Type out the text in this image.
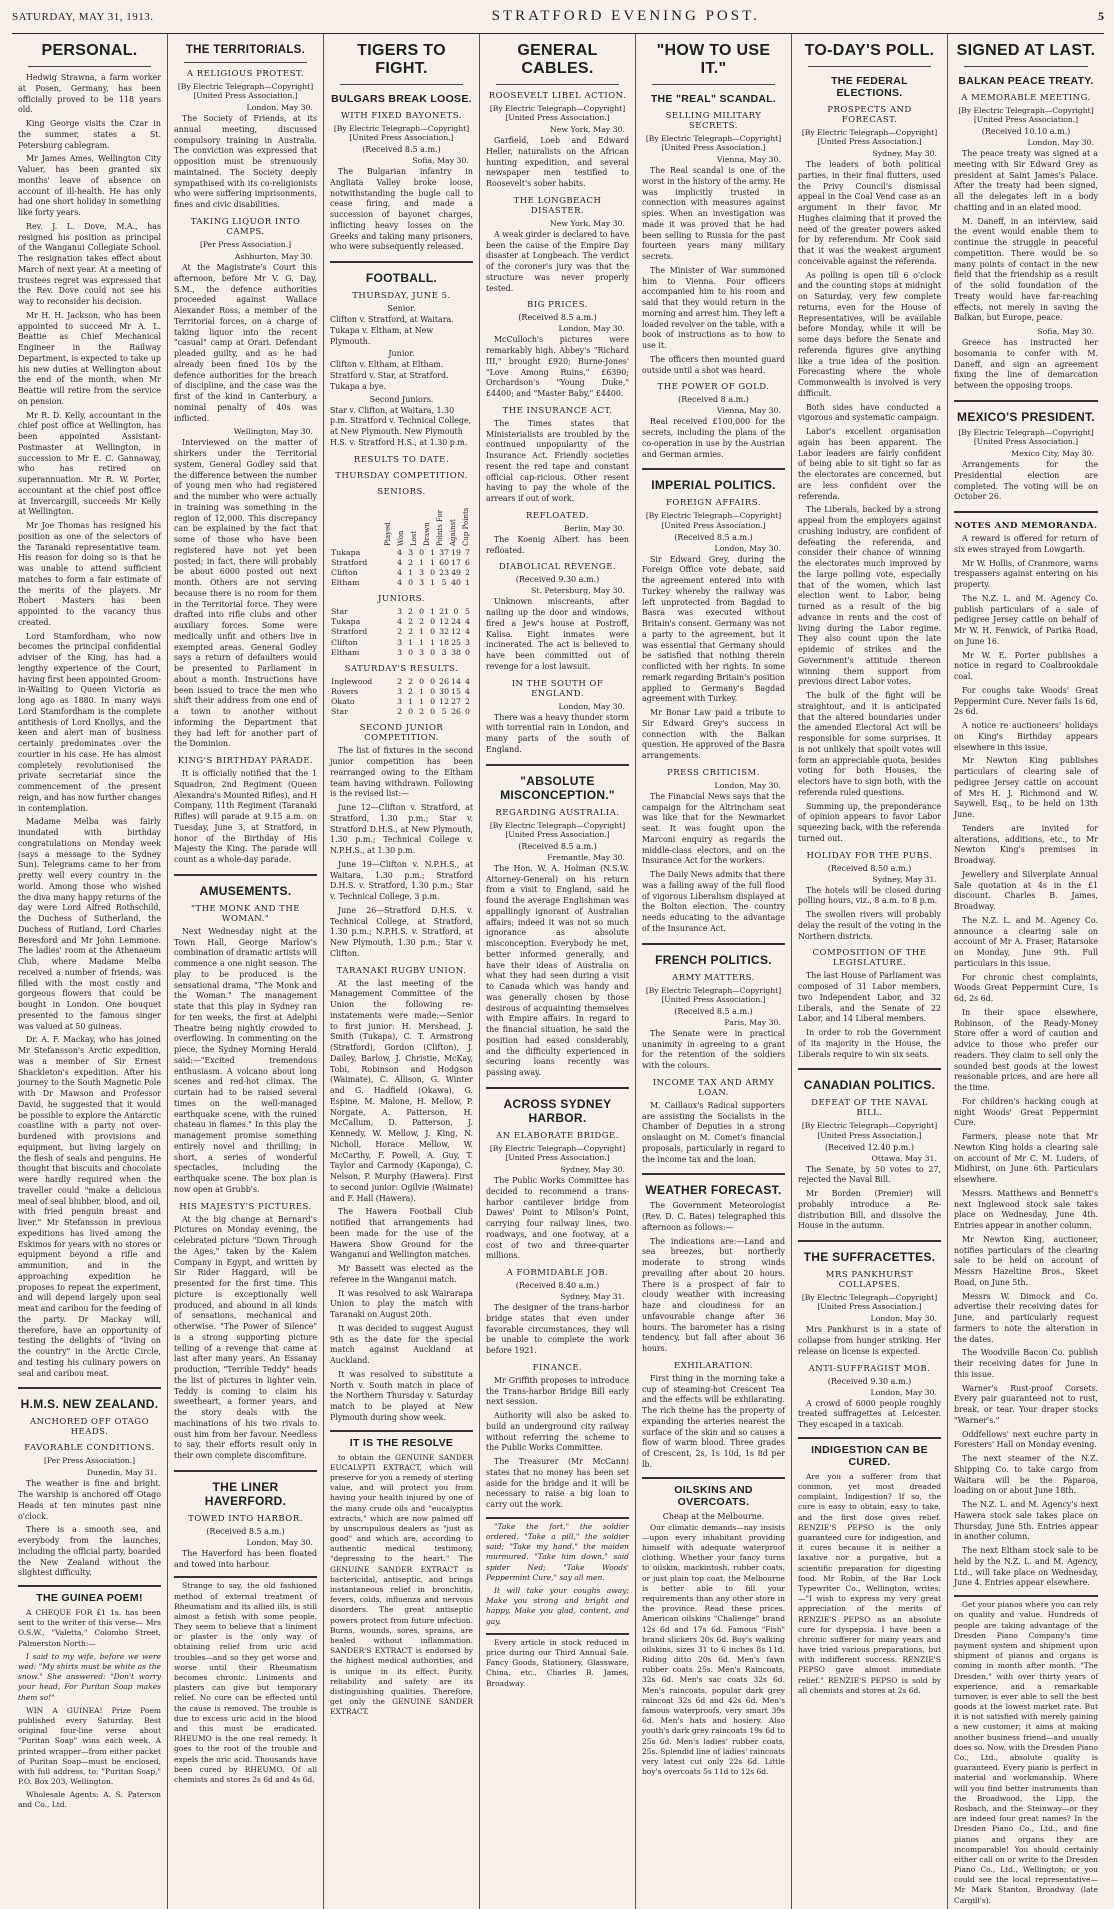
SATURDAY, MAY 31, 1913.	STRATFORD EVENING POST.	5
PERSONAL.

Hedwig Strawna, a farm worker at Posen, Germany, has been officially proved to be 118 years old.

King George visits the Czar in the summer, states a St. Petersburg cablegram.

Mr James Ames, Wellington City Valuer, has been granted six months' leave of absence on account of ill-health. He has only had one short holiday in something like forty years.

Rev. J. L. Dove, M.A., has resigned his position as principal of the Wanganui Collegiate School. The resignation takes effect about March of next year. At a meeting of trustees regret was expressed that the Rev. Dove could not see his way to reconsider his decision.

Mr H. H. Jackson, who has been appointed to succeed Mr A. L. Beattie as Chief Mechanical Engineer in the Railway Department, is expected to take up his new duties at Wellington about the end of the month, when Mr Beattie will retire from the service on pension.

Mr R. D. Kelly, accountant in the chief post office at Wellington, has been appointed Assistant-Postmaster at Wellington, in succession to Mr E. C. Gannaway, who has retired on superannuation. Mr R. W. Porter, accountant at the chief post office at Invercargill, succeeds Mr Kelly at Wellington.

Mr Joe Thomas has resigned his position as one of the selectors of the Taranaki representative team. His reason for doing so is that he was unable to attend sufficient matches to form a fair estimate of the merits of the players. Mr Robert Masters has been appointed to the vacancy thus created.

Lord Stamfordham, who now becomes the principal confidential adviser of the King, has had a lengthy experience of the Court, having first been appointed Groom-in-Waiting to Queen Victoria as long ago as 1880. In many ways Lord Stamfordham is the complete antithesis of Lord Knollys, and the keen and alert man of business certainly predominates over the courtier in his case. He has almost completely revolutionised the private secretariat since the commencement of the present reign, and has now further changes in contemplation.

Madame Melba was fairly inundated with birthday congratulations on Monday week (says a message to the Sydney Sun). Telegrams came to her from pretty well every country in the world. Among those who wished the diva many happy returns of the day were Lord Alfred Rothschild, the Duchess of Sutherland, the Duchess of Rutland, Lord Charles Beresford and Mr John Lemmone. The ladies' room at the Athenaeum Club, where Madame Melba received a number of friends, was filled with the most costly and gorgeous flowers that could be bought in London. One bouquet presented to the famous singer was valued at 50 guineas.

Dr. A. F. Mackay, who has joined Mr Stefansson's Arctic expedition, was a member of Sir Ernest Shackleton's expedition. After his journey to the South Magnetic Pole with Dr Mawson and Professor David, he suggested that it would be possible to explore the Antarctic coastline with a party not over-burdened with provisions and equipment, but living largely on the flesh of seals and penguins. He thought that biscuits and chocolate were hardly required when the traveller could "make a delicious meal of seal blubber, blood, and oil, with fried penguin breast and liver." Mr Stefansson in previous expeditions has lived among the Eskimos for years with no stores or equipment beyond a rifle and ammunition, and in the approaching expedition he proposes to repeat the experiment, and will depend largely upon seal meat and caribou for the feeding of the party. Dr Mackay will, therefore, have an opportunity of testing the delights of "living on the country" in the Arctic Circle, and testing his culinary powers on seal and caribou meat.

H.M.S. NEW ZEALAND.
ANCHORED OFF OTAGO HEADS.
FAVORABLE CONDITIONS.
[Per Press Association.]
Dunedin, May 31.

The weather is fine and bright. The warship is anchored off Otago Heads at ten minutes past nine o'clock.

There is a smooth sea, and everybody from the launches, including the official party, boarded the New Zealand without the slightest difficulty.

THE GUINEA POEM!

A CHEQUE FOR £1 1s. has been sent to the writer of this verse— Mrs O.S.W., "Valetta," Colombo Street, Palmerston North:—

I said to my wife, before we were wed: "My shirts must be white as the snow." She answered: "Don't worry your head, For Puritan Soap makes them so!"

WIN A GUINEA! Prize Poem published every Saturday. Best original four-line verse about "Puritan Soap" wins each week. A printed wrapper—from either packet of Puritan Soap—must be enclosed, with full address, to: "Puritan Soap," P.O. Box 203, Wellington.

Wholesale Agents: A. S. Paterson and Co., Ltd.

THE TERRITORIALS.
A RELIGIOUS PROTEST.
[By Electric Telegraph—Copyright] [United Press Association.]
London, May 30.

The Society of Friends, at its annual meeting, discussed compulsory training in Australia. The conviction was expressed that opposition must be strenuously maintained. The Society deeply sympathised with its co-religionists who were suffering imprisonments, fines and civic disabilities.

TAKING LIQUOR INTO CAMPS.
[Per Press Association.]
Ashburton, May 30.

At the Magistrate's Court this afternoon, before Mr V. G. Day, S.M., the defence authorities proceeded against Wallace Alexander Ross, a member of the Territorial forces, on a charge of taking liquor into the recent "casual" camp at Orari. Defendant pleaded guilty, and as he had already been fined 10s by the defence authorities for the breach of discipline, and the case was the first of the kind in Canterbury, a nominal penalty of 40s was inflicted.

Wellington, May 30.

Interviewed on the matter of shirkers under the Territorial system, General Godley said that the difference between the number of young men who had registered and the number who were actually in training was something in the region of 12,000. This discrepancy can be explained by the fact that some of those who have been registered have not yet been posted; in fact, there will probably be about 6000 posted out next month. Others are not serving because there is no room for them in the Territorial force. They were drafted into rifle clubs and other auxiliary forces. Some were medically unfit and others live in exempted areas. General Godley says a return of defaulters would be presented to Parliament in about a month. Instructions have been issued to trace the men who shift their address from one end of a town to another without informing the Department that they had left for another part of the Dominion.

KING'S BIRTHDAY PARADE.

It is officially notified that the 1 Squadron, 2nd Regiment (Queen Alexandra's Mounted Rifles), and H Company, 11th Regiment (Taranaki Rifles) will parade at 9.15 a.m. on Tuesday, June 3, at Stratford, in honor of the Birthday of His Majesty the King. The parade will count as a whole-day parade.

AMUSEMENTS.
"THE MONK AND THE WOMAN."

Next Wednesday night at the Town Hall, George Marlow's combination of dramatic artists will commence a one night season. The play to be produced is the sensational drama, "The Monk and the Woman." The management state that this play in Sydney ran for ten weeks, the first at Adelphi Theatre being nightly crowded to overflowing. In commenting on the piece, the Sydney Morning Herald said:—"Excited tremendous enthusiasm. A volcano about long scenes and red-hot climax. The curtain had to be raised several times on the well-managed earthquake scene, with the ruined chateau in flames." In this play the management promise something entirely novel and thrilling; in short, a series of wonderful spectacles, including the earthquake scene. The box plan is now open at Grubb's.

HIS MAJESTY'S PICTURES.

At the big change at Bernard's Pictures on Monday evening, the celebrated picture "Down Through the Ages," taken by the Kalem Company in Egypt, and written by Sir Rider Haggard, will be presented for the first time. This picture is exceptionally well produced, and abound in all kinds of sensations, mechanical and otherwise. "The Power of Silence" is a strong supporting picture telling of a revenge that came at last after many years. An Essanay production, "Terrible Teddy" heads the list of pictures in lighter vein. Teddy is coming to claim his sweetheart, a former years, and the story deals with the machinations of his two rivals to oust him from her favour. Needless to say, their efforts result only in their own complete discomfiture.

THE LINER HAVERFORD.
TOWED INTO HARBOR.
(Received 8.5 a.m.)
London, May 30.

The Haverford has been floated and towed into harbour.

Strange to say, the old fashioned method of external treatment of Rheumatism and its allied ills, is still almost a fetish with some people. They seem to believe that a liniment or plaster is the only way of obtaining relief from uric acid troubles—and so they get worse and worse until their Rheumatism becomes chronic. Liniments and plasters can give but temporary relief. No cure can be effected until the cause is removed. The trouble is due to excess uric acid in the blood and this must be eradicated. RHEUMO is the one real remedy. It goes to the root of the trouble and expels the uric acid. Thousands have been cured by RHEUMO. Of all chemists and stores 2s 6d and 4s 6d.

TIGERS TO FIGHT.
BULGARS BREAK LOOSE.
WITH FIXED BAYONETS.
[By Electric Telegraph—Copyright] [United Press Association.]
(Received 8.5 a.m.)
Sofia, May 30.

The Bulgarian infantry in Angliata Valley broke loose, notwithstanding the bugle call to cease firing, and made a succession of bayonet charges, inflicting heavy losses on the Greeks and taking many prisoners, who were subsequently released.

FOOTBALL.
THURSDAY, JUNE 5.
Senior.
Clifton v. Stratford, at Waitara. Tukapa v. Eltham, at New Plymouth.
Junior.
Clifton v. Eltham, at Eltham. Stratford v. Star, at Stratford. Tukapa a bye.
Second Juniors.
Star v. Clifton, at Waitara, 1.30 p.m. Stratford v. Technical College, at New Plymouth. New Plymouth H.S. v. Stratford H.S., at 1.30 p.m.
RESULTS TO DATE.
THURSDAY COMPETITION.
SENIORS.
Played Won Lost Drawn Points For Against Cup Points
Tukapa	4	3	0	1	37	19	7
Stratford	4	2	1	1	60	17	6
Clifton	4	1	3	0	23	49	2
Eltham	4	0	3	1	5	40	1
JUNIORS.
Star	3	2	0	1	21	0	5
Tukapa	4	2	2	0	12	24	4
Stratford	2	2	1	0	32	12	4
Clifton	3	1	1	1	18	25	3
Eltham	3	0	3	0	3	38	0
SATURDAY'S RESULTS.
Inglewood	2	2	0	0	26	14	4
Rovers	3	2	1	0	30	15	4
Okato	3	1	1	0	12	27	2
Star	2	0	2	0	5	26	0
SECOND JUNIOR COMPETITION.

The list of fixtures in the second junior competition has been rearranged owing to the Eltham team having withdrawn. Following is the revised list:—

June 12—Clifton v. Stratford, at Stratford, 1.30 p.m.; Star v. Stratford D.H.S., at New Plymouth, 1.30 p.m.; Technical College v. N.P.H.S., at 1.30 p.m.

June 19—Clifton v. N.P.H.S., at Waitara, 1.30 p.m.; Stratford D.H.S. v. Stratford, 1.30 p.m.; Star v. Technical College, 3 p.m.

June 26—Stratford D.H.S. v. Technical College, at Stratford, 1.30 p.m.; N.P.H.S. v. Stratford, at New Plymouth, 1.30 p.m.; Star v. Clifton.

TARANAKI RUGBY UNION.

At the last meeting of the Management Committee of the Union the following re-instatements were made:—Senior to first junior: H. Mershead, J. Smith (Tukapa), C. T. Armstrong (Stratford), Gordon (Clifton), J. Dailey, Barlow, J. Christie, McKay, Tobi, Robinson and Hodgson (Waimate), C. Allison, G. Winter and G. Hadfield (Okawa), G. Espine, M. Malone, H. Mellow, P. Norgate, A. Patterson, H. McCallum, D. Patterson, J. Kennedy, W. Mellow, J. King, N. Nicholl, Horace Mellow, W. McCarthy, F. Powell, A. Guy, T. Taylor and Carmody (Kaponga), C. Nelson, P. Murphy (Hawera). First to second junior: Ogilvie (Waimate) and F. Hall (Hawera).

The Hawera Football Club notified that arrangements had been made for the use of the Hawera Show Ground for the Wanganui and Wellington matches.

Mr Bassett was elected as the referee in the Wanganui match.

It was resolved to ask Wairarapa Union to play the match with Taranaki on August 20th.

It was decided to suggest August 9th as the date for the special match against Auckland at Auckland.

It was resolved to substitute a North v. South match in place of the Northern Thursday v. Saturday match to be played at New Plymouth during show week.

IT IS THE RESOLVE

to obtain the GENUINE SANDER EUCALYPTI EXTRACT, which will preserve for you a remedy of sterling value, and will protect you from having your health injured by one of the many crude oils and "eucalyptus extracts," which are now palmed off by unscrupulous dealers as "just as good" and which are, according to authentic medical testimony, "depressing to the heart." The GENUINE SANDER EXTRACT is bactericidal, antiseptic, and brings instantaneous relief in bronchitis, fevers, colds, influenza and nervous disorders. The great antiseptic powers protect from future infection. Burns, wounds, sores, sprains, are healed without inflammation. SANDER'S EXTRACT is endorsed by the highest medical authorities, and is unique in its effect. Purity, reliability and safety are its distinguishing qualities. Therefore, get only the GENUINE SANDER EXTRACT.

GENERAL CABLES.
ROOSEVELT LIBEL ACTION.
[By Electric Telegraph—Copyright] [United Press Association.]
New York, May 30.

Garfield, Loeb and Edward Heller, naturalists on the African hunting expedition, and several newspaper men testified to Roosevelt's sober habits.

THE LONGBEACH DISASTER.
New York, May 30.

A weak girder is declared to have been the cause of the Empire Day disaster at Longbeach. The verdict of the coroner's jury was that the structure was never properly tested.

BIG PRICES.
(Received 8.5 a.m.)
London, May 30.

McCulloch's pictures were remarkably high. Abbey's "Richard III," brought £920; Burne-Jones' "Love Among Ruins," £6390; Orchardson's "Young Duke," £4400; and "Master Baby," £4400.

THE INSURANCE ACT.

The Times states that Ministerialists are troubled by the continued unpopularity of the Insurance Act. Friendly societies resent the red tape and constant official cap-ricious. Other resent having to pay the whole of the arrears if out of work.

REFLOATED.
Berlin, May 30.

The Koenig Albert has been refloated.

DIABOLICAL REVENGE.
(Received 9.30 a.m.)
St. Petersburg, May 30.

Unknown miscreants, after nailing up the door and windows, fired a Jew's house at Postroff, Kalisa. Eight inmates were incinerated. The act is believed to have been committed out of revenge for a lost lawsuit.

IN THE SOUTH OF ENGLAND.
London, May 30.

There was a heavy thunder storm with torrential rain in London, and many parts of the south of England.

"ABSOLUTE MISCONCEPTION."
REGARDING AUSTRALIA.
[By Electric Telegraph—Copyright] [United Press Association.]
(Received 8.5 a.m.)
Fremantle, May 30.

The Hon. W. A. Holman (N.S.W. Attorney-General) on his return from a visit to England, said he found the average Englishman was appallingly ignorant of Australian affairs; indeed it was not so much ignorance as absolute misconception. Everybody he met, better informed generally, and have their ideas of Australia on what they had seen during a visit to Canada which was handy and was generally chosen by those desirous of acquainting themselves with Empire affairs. In regard to the financial situation, he said the position had eased considerably, and the difficulty experienced in securing loans recently was passing away.

ACROSS SYDNEY HARBOR.
AN ELABORATE BRIDGE.
[By Electric Telegraph—Copyright] [United Press Association.]
Sydney, May 30.

The Public Works Committee has decided to recommend a trans-harbor cantilever bridge from Dawes' Point to Milson's Point, carrying four railway lines, two roadways, and one footway, at a cost of two and three-quarter millions.

A FORMIDABLE JOB.
(Received 8.40 a.m.)
Sydney, May 31.

The designer of the trans-harbor bridge states that even under favorable circumstances, they will be unable to complete the work before 1921.

FINANCE.

Mr Griffith proposes to introduce the Trans-harbor Bridge Bill early next session.

Authority will also be asked to build an underground city railway without referring the scheme to the Public Works Committee.

The Treasurer (Mr McCann) states that no money has been set aside for the bridge and it will be necessary to raise a big loan to carry out the work.

"Take the fort," the soldier ordered. "Take a pill," the soldier said; "Take my hand," the maiden murmured. "Take him down," said spider Ned; "Take Woods' Peppermint Cure," say all men.

It will take your coughs away; Make you strong and bright and happy, Make you glad, content, and gay.

Every article in stock reduced in price during our Third Annual Sale. Fancy Goods, Stationery, Glassware, China, etc., Charles B. James, Broadway.

"HOW TO USE IT."
THE "REAL" SCANDAL.
SELLING MILITARY SECRETS.
[By Electric Telegraph—Copyright] [United Press Association.]
Vienna, May 30.

The Real scandal is one of the worst in the history of the army. He was implicitly trusted in connection with measures against spies. When an investigation was made it was proved that he had been selling to Russia for the past fourteen years many military secrets.

The Minister of War summoned him to Vienna. Four officers accompanied him to his room and said that they would return in the morning and arrest him. They left a loaded revolver on the table, with a book of instructions as to how to use it.

The officers then mounted guard outside until a shot was heard.

THE POWER OF GOLD.
(Received 8 a.m.)
Vienna, May 30.

Real received £100,000 for the secrets, including the plans of the co-operation in use by the Austrian and German armies.

IMPERIAL POLITICS.
FOREIGN AFFAIRS.
[By Electric Telegraph—Copyright] [United Press Association.]
(Received 8.5 a.m.)
London, May 30.

Sir Edward Grey, during the Foreign Office vote debate, said the agreement entered into with Turkey whereby the railway was left unprotected from Bagdad to Basra was executed without Britain's consent. Germany was not a party to the agreement, but it was essential that Germany should be satisfied that nothing therein conflicted with her rights. In some remark regarding Britain's position applied to Germany's Bagdad agreement with Turkey.

Mr Bonar Law paid a tribute to Sir Edward Grey's success in connection with the Balkan question. He approved of the Basra arrangements.

PRESS CRITICISM.
London, May 30.

The Financial News says that the campaign for the Altrincham seat was like that for the Newmarket seat. It was fought upon the Marconi enquiry as regards the middle-class electors, and on the Insurance Act for the workers.

The Daily News admits that there was a falling away of the full flood of vigorous Liberalism displayed at the Bolton election. The country needs educating to the advantage of the Insurance Act.

FRENCH POLITICS.
ARMY MATTERS.
[By Electric Telegraph—Copyright] [United Press Association.]
(Received 8.5 a.m.)
Paris, May 30.

The Senate were in practical unanimity in agreeing to a grant for the retention of the soldiers with the colours.

INCOME TAX AND ARMY LOAN.

M. Caillaux's Radical supporters are assisting the Socialists in the Chamber of Deputies in a strong onslaught on M. Comet's financial proposals, particularly in regard to the income tax and the loan.

WEATHER FORECAST.

The Government Meteorologist (Rev. D. C. Bates) telegraphed this afternoon as follows:—

The indications are:—Land and sea breezes, but northerly moderate to strong winds prevailing after about 20 hours. There is a prospect of fair to cloudy weather with increasing haze and cloudiness for an unfavourable change after 36 hours. The barometer has a rising tendency, but fall after about 36 hours.

EXHILARATION.

First thing in the morning take a cup of steaming-hot Crescent Tea and the effects will be exhilarating. The rich theine has the property of expanding the arteries nearest the surface of the skin and so causes a flow of warm blood. Three grades of Crescent, 2s, 1s 10d, 1s 8d per lb.

OILSKINS AND OVERCOATS.
Cheap at the Melbourne.

Our climatic demands—nay insists—upon every inhabitant providing himself with adequate waterproof clothing. Whether your fancy turns to oilskin, mackintosh, rubber coats, or just plain top coat, the Melbourne is better able to fill your requirements than any other store in the province. Read these prices. American oilskins "Challenge" brand 12s 6d and 17s 6d. Famous "Fish" brand slickers 20s 6d. Boy's walking oilskins, sizes 31 to 6 inches 8s 11d. Riding ditto 20s 6d. Men's fawn rubber coats 25s. Men's Raincoats, 32s 6d. Men's sac coats 32s 6d. Men's raincoats, popular dark grey raincoat 32s 6d and 42s 6d. Men's famous waterproofs, very smart 39s 6d. Men's hats and hosiery. Also youth's dark grey raincoats 19s 6d to 25s 6d. Men's ladies' rubber coats, 25s. Splendid line of ladies' raincoats very latest cut only 22s 6d. Little boy's overcoats 5s 11d to 12s 6d.

TO-DAY'S POLL.
THE FEDERAL ELECTIONS.
PROSPECTS AND FORECAST.
[By Electric Telegraph—Copyright] [United Press Association.]
Sydney, May 30.

The leaders of both political parties, in their final flutters, used the Privy Council's dismissal appeal in the Coal Vend case as an argument in their favor, Mr Hughes claiming that it proved the need of the greater powers asked for by referendum. Mr Cook said that it was the weakest argument conceivable against the referenda.

As polling is open till 6 o'clock and the counting stops at midnight on Saturday, very few complete returns, even for the House of Representatives, will be available before Monday, while it will be some days before the Senate and referenda figures give anything like a true idea of the position. Forecasting where the whole Commonwealth is involved is very difficult.

Both sides have conducted a vigorous and systematic campaign.

Labor's excellent organisation again has been apparent. The Labor leaders are fairly confident of being able to sit tight so far as the electorates are concerned, but are less confident over the referenda.

The Liberals, backed by a strong appeal from the employers against crushing industry, are confident of defeating the referenda, and consider their chance of winning the electorates much improved by the large polling vote, especially that of the women, which last election went to Labor, being turned as a result of the big advance in rents and the cost of living during the Labor regime. They also count upon the late epidemic of strikes and the Government's attitude thereon winning them support from previous direct Labor votes.

The bulk of the fight will be straightout, and it is anticipated that the altered boundaries under the amended Electoral Act will be responsible for some surprises. It is not unlikely that spoilt votes will form an appreciable quota, besides voting for both Houses, the electors have to sign both, with the referenda ruled questions.

Summing up, the preponderance of opinion appears to favor Labor squeezing back, with the referenda turned out.

HOLIDAY FOR THE PUBS.
(Received 8.50 a.m.)
Sydney, May 31.

The hotels will be closed during polling hours, viz., 8 a.m. to 8 p.m.

The swollen rivers will probably delay the result of the voting in the Northern districts.

COMPOSITION OF THE LEGISLATURE.

The last House of Parliament was composed of 31 Labor members, two Independent Labor, and 32 Liberals, and the Senate of 22 Labor, and 14 Liberal members.

In order to rob the Government of its majority in the House, the Liberals require to win six seats.

CANADIAN POLITICS.
DEFEAT OF THE NAVAL BILL.
[By Electric Telegraph—Copyright] [United Press Association.]
(Received 12.40 p.m.)
Ottawa, May 31.

The Senate, by 50 votes to 27, rejected the Naval Bill.

Mr Borden (Premier) will probably introduce a Re-distribution Bill, and dissolve the House in the autumn.

THE SUFFRACETTES.
MRS PANKHURST COLLAPSES.
[By Electric Telegraph—Copyright] [United Press Association.]
London, May 30.

Mrs Pankhurst is in a state of collapse from hunger striking. Her release on license is expected.

ANTI-SUFFRAGIST MOB.
(Received 9.30 a.m.)
London, May 30.

A crowd of 6000 people roughly treated suffragettes at Leicester. They escaped in a taxicab.

INDIGESTION CAN BE CURED.

Are you a sufferer from that common, yet most dreaded complaint, Indigestion? If so, the cure is easy to obtain, easy to take, and the first dose gives relief. RENZIE'S PEPSO is the only guaranteed cure for indigestion, and it cures because it is neither a laxative nor a purgative, but a scientific preparation for digesting food. Mr Robin, of the Bar Lock Typewriter Co., Wellington, writes:—"I wish to express my very great appreciation of the merits of RENZIE'S PEPSO as an absolute cure for dyspepsia. I have been a chronic sufferer for many years and have tried various preparations, but with indifferent success. RENZIE'S PEPSO gave almost immediate relief." RENZIE'S PEPSO is sold by all chemists and stores at 2s 6d.

SIGNED AT LAST.
BALKAN PEACE TREATY.
A MEMORABLE MEETING.
[By Electric Telegraph—Copyright] [United Press Association.]
(Received 10.10 a.m.)
London, May 30.

The peace treaty was signed at a meeting with Sir Edward Grey as president at Saint James's Palace. After the treaty had been signed, all the delegates left in a body chatting and in an elated mood.

M. Daneff, in an interview, said the event would enable them to continue the struggle in peaceful competition. There would be so many points of contact in the new field that the friendship as a result of the solid foundation of the Treaty would have far-reaching effects, not merely in saving the Balkan, but Europe, peace.

Sofia, May 30.

Greece has instructed her bosomania to confer with M. Daneff, and sign an agreement fixing the line of demarcation between the opposing troops.

MEXICO'S PRESIDENT.
[By Electric Telegraph—Copyright] [United Press Association.]
Mexico City, May 30.

Arrangements for the Presidential election are completed. The voting will be on October 26.

NOTES AND MEMORANDA.

A reward is offered for return of six ewes strayed from Lowgarth.

Mr W. Hollis, of Cranmore, warns trespassers against entering on his property.

The N.Z. L. and M. Agency Co. publish particulars of a sale of pedigree Jersey cattle on behalf of Mr W. H. Fenwick, of Parika Road, on June 16.

Mr W. E. Porter publishes a notice in regard to Coalbrookdale coal.

For coughs take Woods' Great Peppermint Cure. Never fails 1s 6d, 2s 6d.

A notice re auctioneers' holidays on King's Birthday appears elsewhere in this issue.

Mr Newton King publishes particulars of clearing sale of pedigree Jersey cattle on account of Mrs H. J. Richmond and W. Saywell, Esq., to be held on 13th June.

Tenders are invited for alterations, additions, etc., to Mr Newton King's premises in Broadway.

Jewellery and Silverplate Annual Sale quotation at 4s in the £1 discount. Charles B. James, Broadway.

The N.Z. L. and M. Agency Co. announce a clearing sale on account of Mr A. Fraser, Ratarsoke on Monday, June 9th. Full particulars in this issue.

For chronic chest complaints, Woods Great Peppermint Cure, 1s 6d, 2s 6d.

In their space elsewhere, Robinson, of the Ready-Money Store offer a word of caution and advice to those who prefer our readers. They claim to sell only the sounded best goods at the lowest reasonable prices, and are here all the time.

For children's hacking cough at night Woods' Great Peppermint Cure.

Farmers, please note that Mr Newton King holds a clearing sale on account of Mr C. M. Luders, of Midhirst, on June 6th. Particulars elsewhere.

Messrs. Matthews and Bennett's next Inglewood stock sale takes place on Wednesday, June 4th. Entries appear in another column.

Mr Newton King, auctioneer, notifies particulars of the clearing sale to be held on account of Messrs Hazeltine Bros., Skeet Road, on June 5th.

Messrs W. Dimock and Co. advertise their receiving dates for June, and particularly request farmers to note the alteration in the dates.

The Woodville Bacon Co. publish their receiving dates for June in this issue.

Warner's Rust-proof Corsets. Every pair guaranteed not to rust, break, or tear. Your draper stocks "Warner's."

Oddfellows' next euchre party in Foresters' Hall on Monday evening.

The next steamer of the N.Z. Shipping Co. to take cargo from Waitara will be the Paparoa, loading on or about June 18th.

The N.Z. L. and M. Agency's next Hawera stock sale takes place on Thursday, June 5th. Entries appear in another column.

The next Eltham stock sale to be held by the N.Z. L. and M. Agency, Ltd., will take place on Wednesday, June 4. Entries appear elsewhere.

Get your pianos where you can rely on quality and value. Hundreds of people are taking advantage of the Dresden Piano Company's time payment system and shipment upon shipment of pianos and organs is coming in month after month. "The Dresden," with over thirty years of experience, and a remarkable turnover, is ever able to sell the best goods at the lowest market rate. But it is not satisfied with merely gaining a new customer; it aims at making another business friend—and usually does so. Now, with the Dresden Piano Co., Ltd., absolute quality is guaranteed. Every piano is perfect in material and workmanship. Where will you find better instruments than the Broadwood, the Lipp, the Rosbach, and the Steinway—or they are indeed four great names? In the Dresden Piano Co., Ltd., and fine pianos and organs they are incomparable! You should certainly either call on or write to the Dresden Piano Co., Ltd., Wellington; or you could see the local representative—Mr Mark Stanton, Broadway (late Cargill's).
